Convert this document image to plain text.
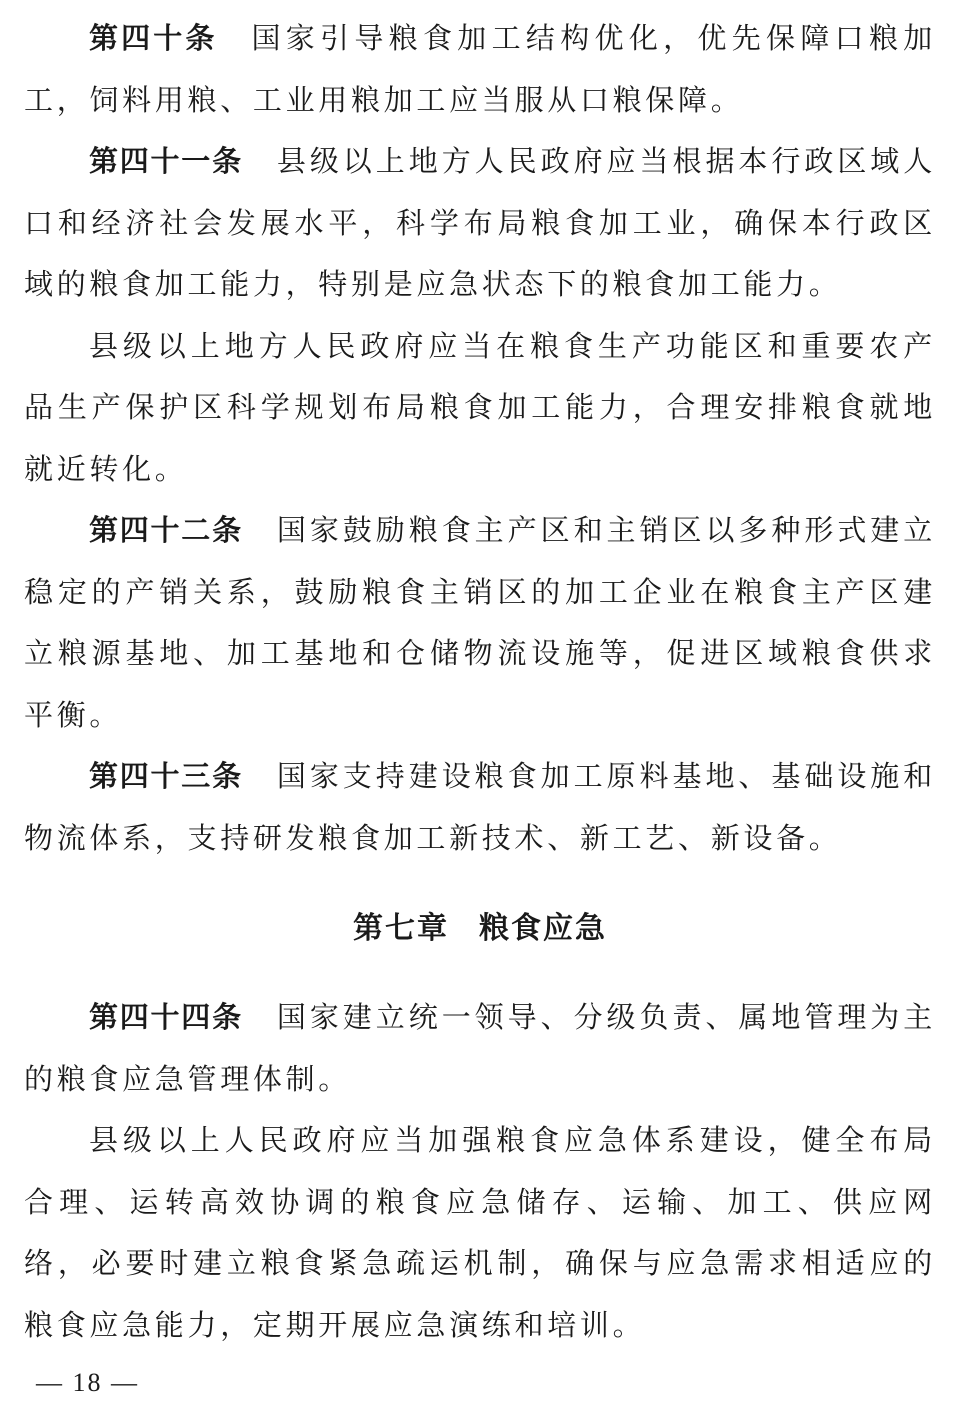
第四十条 国家引导粮食加工结构优化，优先保障口粮加工，饲料用粮、工业用粮加工应当服从口粮保障。

第四十一条 县级以上地方人民政府应当根据本行政区域人口和经济社会发展水平，科学布局粮食加工业，确保本行政区域的粮食加工能力，特别是应急状态下的粮食加工能力。

县级以上地方人民政府应当在粮食生产功能区和重要农产品生产保护区科学规划布局粮食加工能力，合理安排粮食就地就近转化。

第四十二条 国家鼓励粮食主产区和主销区以多种形式建立稳定的产销关系，鼓励粮食主销区的加工企业在粮食主产区建立粮源基地、加工基地和仓储物流设施等，促进区域粮食供求平衡。

第四十三条 国家支持建设粮食加工原料基地、基础设施和物流体系，支持研发粮食加工新技术、新工艺、新设备。

第七章 粮食应急

第四十四条 国家建立统一领导、分级负责、属地管理为主的粮食应急管理体制。

县级以上人民政府应当加强粮食应急体系建设，健全布局合理、运转高效协调的粮食应急储存、运输、加工、供应网络，必要时建立粮食紧急疏运机制，确保与应急需求相适应的粮食应急能力，定期开展应急演练和培训。

— 18 —
